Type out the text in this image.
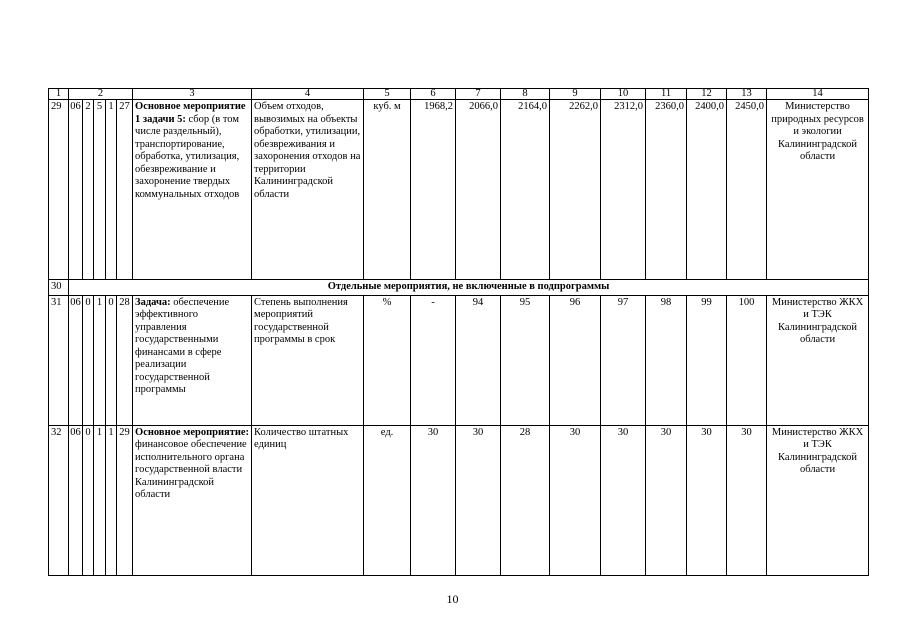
1	2					3	4	5	6	7	8	9	10	11	12	13	14
29	06	2	5	1	27	Основное мероприятие 1 задачи 5: сбор (в том числе раздельный), транспортирование, обработка, утилизация, обезвреживание и захоронение твердых коммунальных отходов	Объем отходов, вывозимых на объекты обработки, утилизации, обезвреживания и захоронения отходов на территории Калининградской области	куб. м	1968,2	2066,0	2164,0	2262,0	2312,0	2360,0	2400,0	2450,0	Министерство природных ресурсов и экологии Калининградской области
30	Отдельные мероприятия, не включенные в подпрограммы																
31	06	0	1	0	28	Задача: обеспечение эффективного управления государственными финансами в сфере реализации государственной программы	Степень выполнения мероприятий государственной программы в срок	%	-	94	95	96	97	98	99	100	Министерство ЖКХ и ТЭК Калининградской области
32	06	0	1	1	29	Основное мероприятие: финансовое обеспечение исполнительного органа государственной власти Калининградской области	Количество штатных единиц	ед.	30	30	28	30	30	30	30	30	Министерство ЖКХ и ТЭК Калининградской области
10
